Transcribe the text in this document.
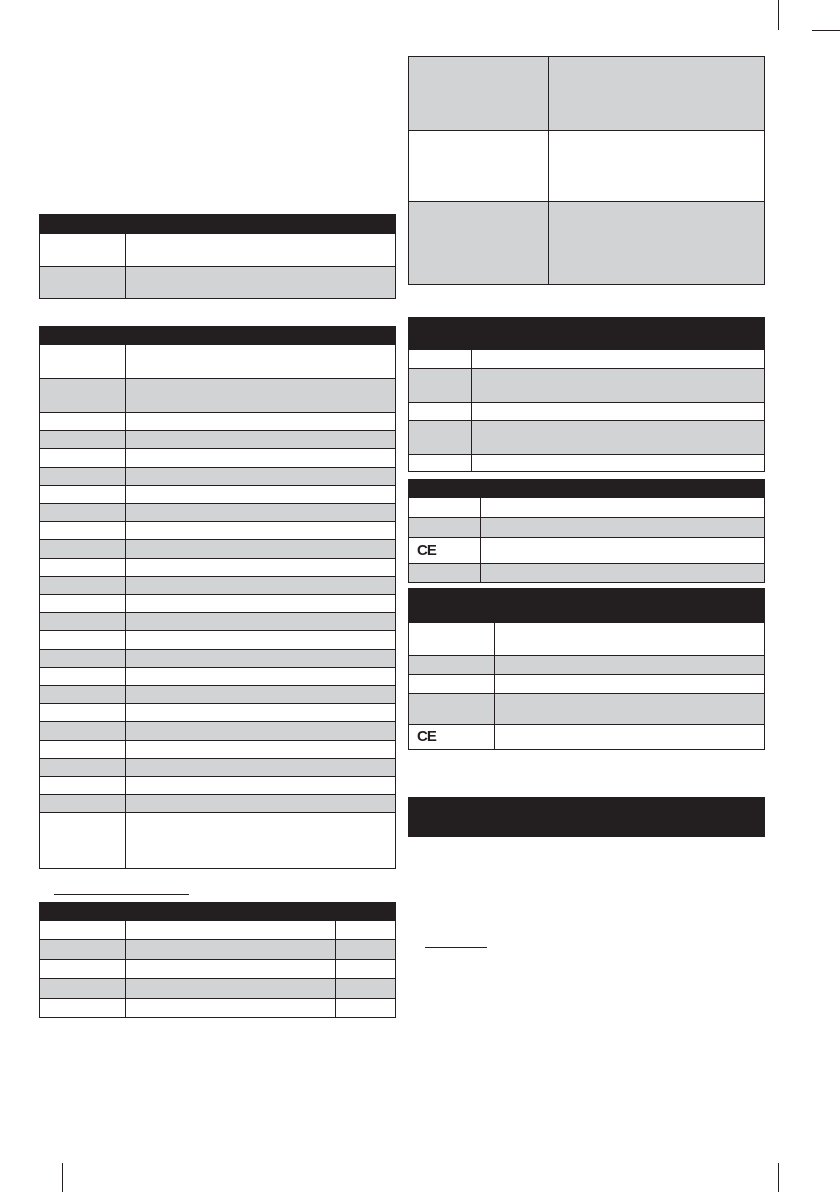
CE
CE
